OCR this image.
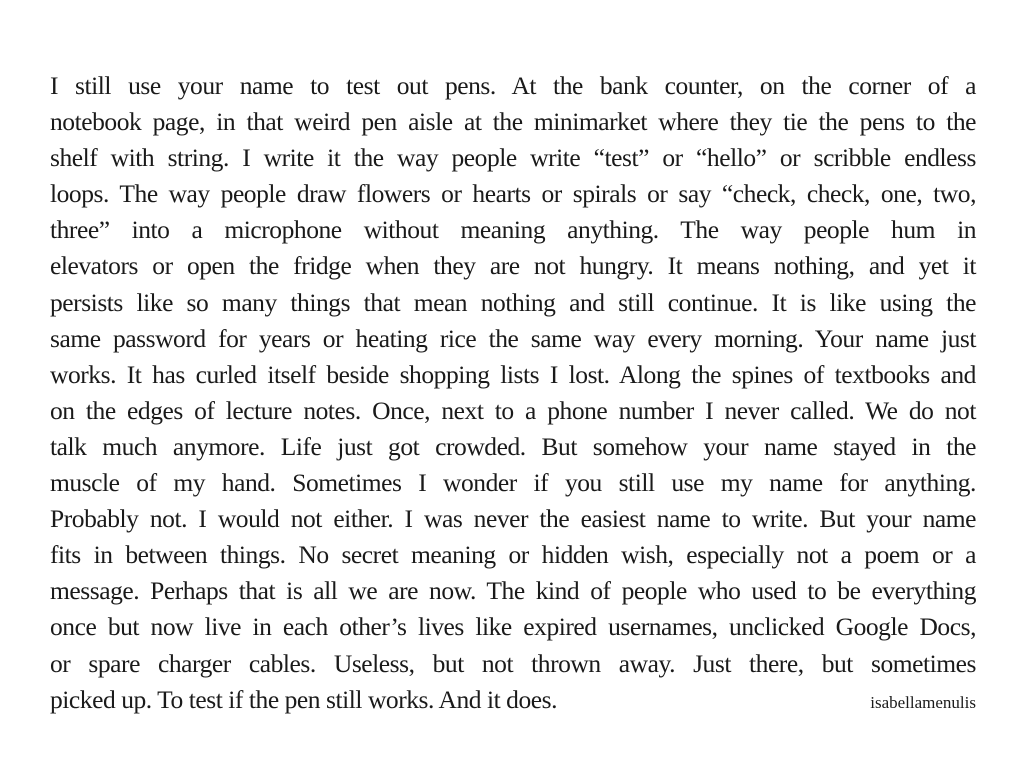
I still use your name to test out pens. At the bank counter, on the corner of a
notebook page, in that weird pen aisle at the minimarket where they tie the pens to the
shelf with string. I write it the way people write “test” or “hello” or scribble endless
loops. The way people draw flowers or hearts or spirals or say “check, check, one, two,
three” into a microphone without meaning anything. The way people hum in
elevators or open the fridge when they are not hungry. It means nothing, and yet it
persists like so many things that mean nothing and still continue. It is like using the
same password for years or heating rice the same way every morning. Your name just
works. It has curled itself beside shopping lists I lost. Along the spines of textbooks and
on the edges of lecture notes. Once, next to a phone number I never called. We do not
talk much anymore. Life just got crowded. But somehow your name stayed in the
muscle of my hand. Sometimes I wonder if you still use my name for anything.
Probably not. I would not either. I was never the easiest name to write. But your name
fits in between things. No secret meaning or hidden wish, especially not a poem or a
message. Perhaps that is all we are now. The kind of people who used to be everything
once but now live in each other’s lives like expired usernames, unclicked Google Docs,
or spare charger cables. Useless, but not thrown away. Just there, but sometimes
picked up. To test if the pen still works. And it does.	isabellamenulis
